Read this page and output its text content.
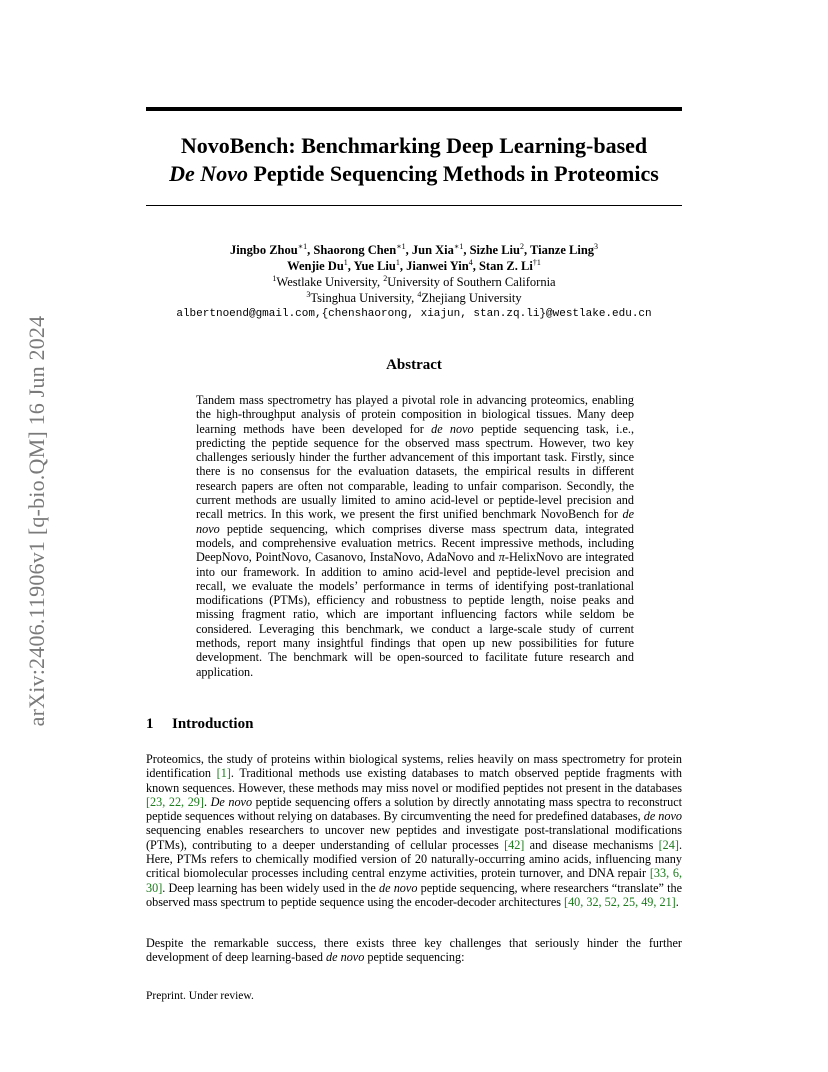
arXiv:2406.11906v1 [q-bio.QM] 16 Jun 2024
NovoBench: Benchmarking Deep Learning-based
De Novo Peptide Sequencing Methods in Proteomics
Jingbo Zhou$^{∗1}$, Shaorong Chen$^{∗1}$, Jun Xia$^{∗1}$, Sizhe Liu$^2$, Tianze Ling$^3$
Wenjie Du$^1$, Yue Liu$^1$, Jianwei Yin$^4$, Stan Z. Li$^{\dagger 1}$
$^1$Westlake University, $^2$University of Southern California
$^3$Tsinghua University, $^4$Zhejiang University
albertnoend@gmail.com,{chenshaorong, xiajun, stan.zq.li}@westlake.edu.cn
Abstract

Tandem mass spectrometry has played a pivotal role in advancing proteomics, enabling the high-throughput analysis of protein composition in biological tissues. Many deep learning methods have been developed for de novo peptide sequencing task, i.e., predicting the peptide sequence for the observed mass spectrum. However, two key challenges seriously hinder the further advancement of this important task. Firstly, since there is no consensus for the evaluation datasets, the empirical results in different research papers are often not comparable, leading to unfair comparison. Secondly, the current methods are usually limited to amino acid-level or peptide-level precision and recall metrics. In this work, we present the first unified benchmark NovoBench for de novo peptide sequencing, which comprises diverse mass spectrum data, integrated models, and comprehensive evaluation metrics. Recent impressive methods, including DeepNovo, PointNovo, Casanovo, InstaNovo, AdaNovo and π-HelixNovo are integrated into our framework. In addition to amino acid-level and peptide-level precision and recall, we evaluate the models’ performance in terms of identifying post-tranlational modifications (PTMs), efficiency and robustness to peptide length, noise peaks and missing fragment ratio, which are important influencing factors while seldom be considered. Leveraging this benchmark, we conduct a large-scale study of current methods, report many insightful findings that open up new possibilities for future development. The benchmark will be open-sourced to facilitate future research and application.

1 Introduction

Proteomics, the study of proteins within biological systems, relies heavily on mass spectrometry for protein identification [1]. Traditional methods use existing databases to match observed peptide fragments with known sequences. However, these methods may miss novel or modified peptides not present in the databases [23, 22, 29]. De novo peptide sequencing offers a solution by directly annotating mass spectra to reconstruct peptide sequences without relying on databases. By circumventing the need for predefined databases, de novo sequencing enables researchers to uncover new peptides and investigate post-translational modifications (PTMs), contributing to a deeper understanding of cellular processes [42] and disease mechanisms [24]. Here, PTMs refers to chemically modified version of 20 naturally-occurring amino acids, influencing many critical biomolecular processes including central enzyme activities, protein turnover, and DNA repair [33, 6, 30]. Deep learning has been widely used in the de novo peptide sequencing, where researchers “translate” the observed mass spectrum to peptide sequence using the encoder-decoder architectures [40, 32, 52, 25, 49, 21].

Despite the remarkable success, there exists three key challenges that seriously hinder the further development of deep learning-based de novo peptide sequencing:

Preprint. Under review.
